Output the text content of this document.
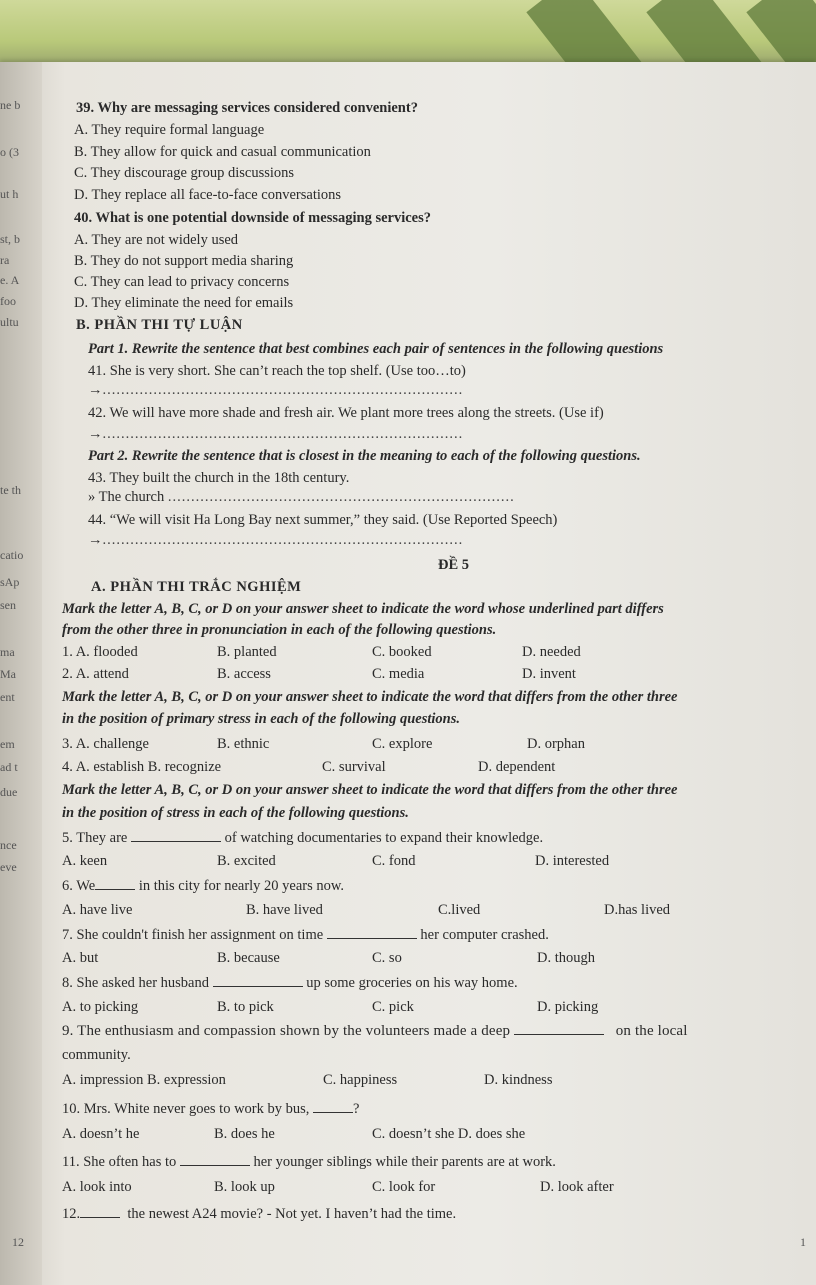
ne b
o (3
ut h
st, b
ra
e. A
foo
ultu
te th
catio
sAp
sen
ma
Ma
ent
em
ad t
due
nce
eve
39. Why are messaging services considered convenient?
A. They require formal language
B. They allow for quick and casual communication
C. They discourage group discussions
D. They replace all face-to-face conversations
40. What is one potential downside of messaging services?
A. They are not widely used
B. They do not support media sharing
C. They can lead to privacy concerns
D. They eliminate the need for emails
B. PHẦN THI TỰ LUẬN
Part 1. Rewrite the sentence that best combines each pair of sentences in the following questions
41. She is very short. She can’t reach the top shelf. (Use too…to)
→..............................................................................
42. We will have more shade and fresh air. We plant more trees along the streets. (Use if)
→..............................................................................
Part 2. Rewrite the sentence that is closest in the meaning to each of the following questions.
43. They built the church in the 18th century.
» The church ...........................................................................
44. “We will visit Ha Long Bay next summer,” they said. (Use Reported Speech)
→..............................................................................
ĐỀ 5
A. PHẦN THI TRẮC NGHIỆM
Mark the letter A, B, C, or D on your answer sheet to indicate the word whose underlined part differs
from the other three in pronunciation in each of the following questions.
1. A. flooded	B. planted	C. booked	D. needed
2. A. attend	B. access	C. media	D. invent
Mark the letter A, B, C, or D on your answer sheet to indicate the word that differs from the other three
in the position of primary stress in each of the following questions.
3. A. challenge	B. ethnic	C. explore	D. orphan
4. A. establish B. recognize	C. survival	D. dependent
Mark the letter A, B, C, or D on your answer sheet to indicate the word that differs from the other three
in the position of stress in each of the following questions.
5. They are	of watching documentaries to expand their knowledge.
A. keen	B. excited	C. fond	D. interested
6. We	in this city for nearly 20 years now.
A. have live	B. have lived	C.lived	D.has lived
7. She couldn't finish her assignment on time	her computer crashed.
A. but	B. because	C. so	D. though
8. She asked her husband	up some groceries on his way home.
A. to picking	B. to pick	C. pick	D. picking
9. The enthusiasm and compassion shown by the volunteers made a deep	on the local
community.
A. impression B. expression	C. happiness	D. kindness
10. Mrs. White never goes to work by bus,	?
A. doesn’t he	B. does he	C. doesn’t she D. does she
11. She often has to	her younger siblings while their parents are at work.
A. look into	B. look up	C. look for	D. look after
12.	the newest A24 movie? - Not yet. I haven’t had the time.
12	1
